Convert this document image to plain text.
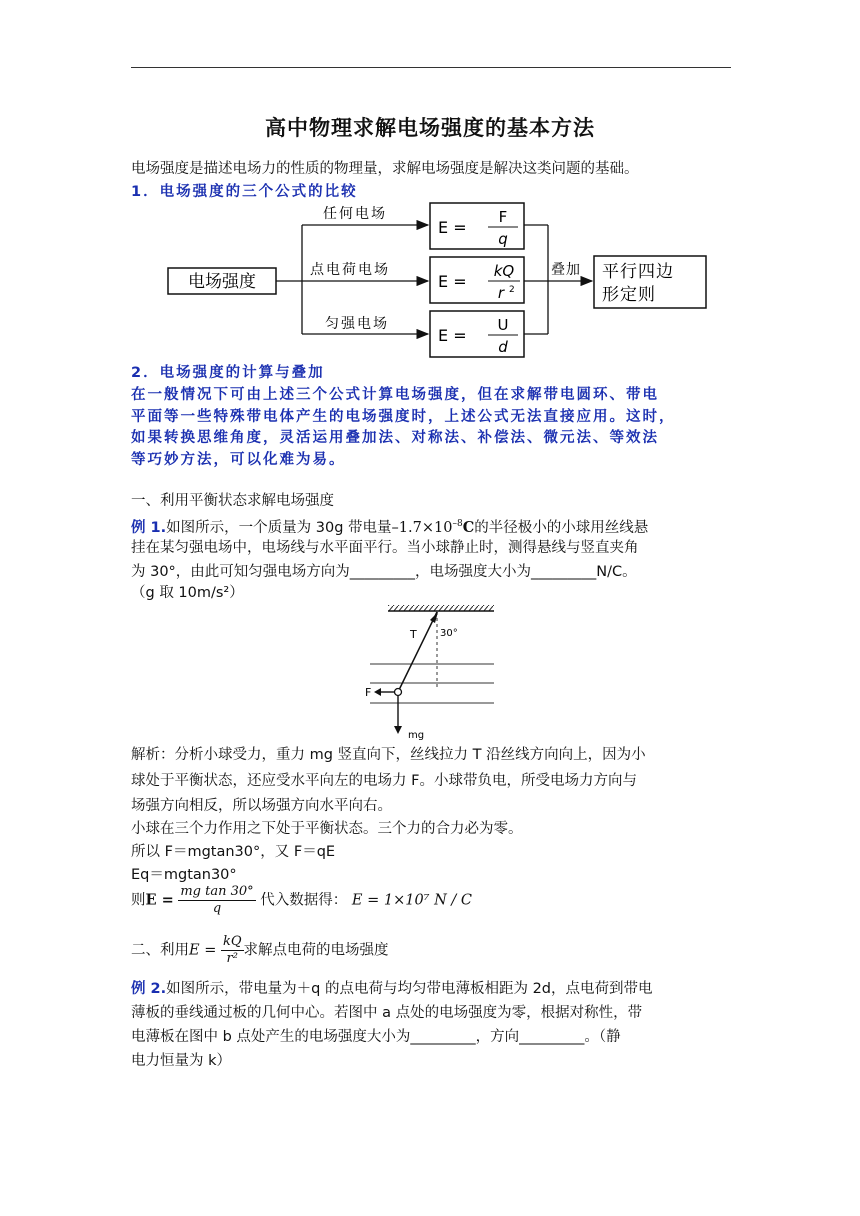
高中物理求解电场强度的基本方法

电场强度是描述电场力的性质的物理量，求解电场强度是解决这类问题的基础。

1．电场强度的三个公式的比较

电场强度
任何电场
点电荷电场
匀强电场
E =
F
q
E =
kQ
r 2
E =
U
d
叠加 平行四边
形定则

2．电场强度的计算与叠加

在一般情况下可由上述三个公式计算电场强度，但在求解带电圆环、带电

平面等一些特殊带电体产生的电场强度时，上述公式无法直接应用。这时，

如果转换思维角度，灵活运用叠加法、对称法、补偿法、微元法、等效法

等巧妙方法，可以化难为易。

一、利用平衡状态求解电场强度

例 1.如图所示，一个质量为 30g 带电量$-1.7\times 10^{-8}C$的半径极小的小球用丝线悬

挂在某匀强电场中，电场线与水平面平行。当小球静止时，测得悬线与竖直夹角

为 30°，由此可知匀强电场方向为_________，电场强度大小为_________N/C。

（g 取 10m/s²）

T 30°
F
mg

解析：分析小球受力，重力 mg 竖直向下，丝线拉力 T 沿丝线方向向上，因为小

球处于平衡状态，还应受水平向左的电场力 F。小球带负电，所受电场力方向与

场强方向相反，所以场强方向水平向右。

小球在三个力作用之下处于平衡状态。三个力的合力必为零。

所以 F＝mgtan30°，又 F＝qE

Eq＝mgtan30°

则$E = \frac{\text{mg tan 30°}}{q}$ 代入数据得： E = 1×10⁷ N / C
二、利用$E = \frac{kQ}{\text{r²}}$ 求解点电荷的电场强度

例 2.如图所示，带电量为＋q 的点电荷与均匀带电薄板相距为 2d，点电荷到带电

薄板的垂线通过板的几何中心。若图中 a 点处的电场强度为零，根据对称性，带

电薄板在图中 b 点处产生的电场强度大小为_________，方向_________。（静

电力恒量为 k）
